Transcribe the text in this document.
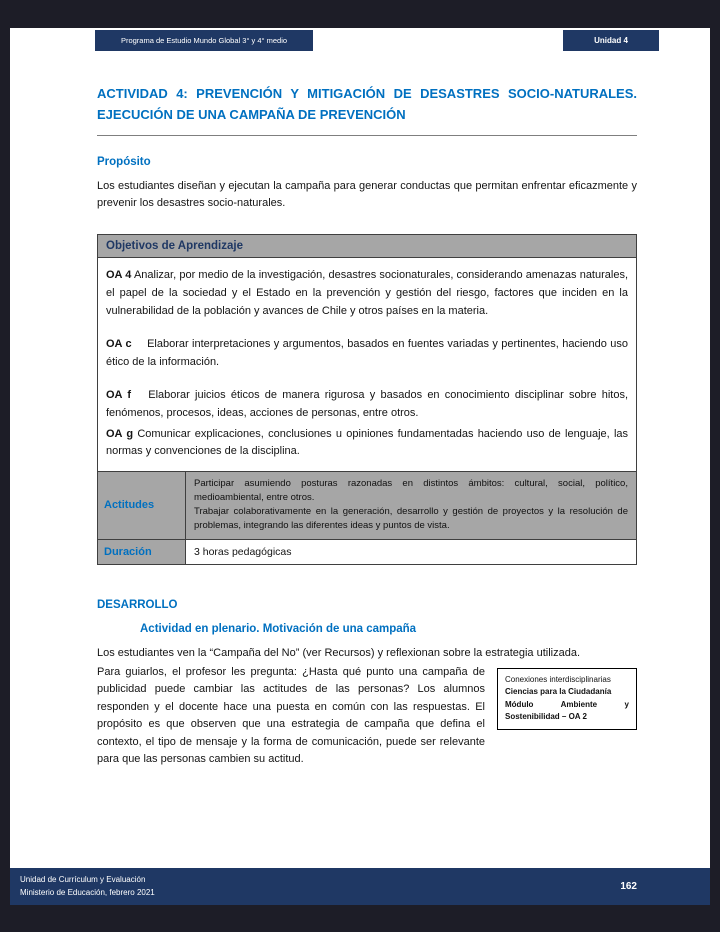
Programa de Estudio Mundo Global 3° y 4° medio	Unidad 4
ACTIVIDAD 4: PREVENCIÓN Y MITIGACIÓN DE DESASTRES SOCIO-NATURALES. EJECUCIÓN DE UNA CAMPAÑA DE PREVENCIÓN
Propósito

Los estudiantes diseñan y ejecutan la campaña para generar conductas que permitan enfrentar eficazmente y prevenir los desastres socio-naturales.

Objetivos de Aprendizaje	

OA 4 Analizar, por medio de la investigación, desastres socionaturales, considerando amenazas naturales, el papel de la sociedad y el Estado en la prevención y gestión del riesgo, factores que inciden en la vulnerabilidad de la población y avances de Chile y otros países en la materia.

OA c Elaborar interpretaciones y argumentos, basados en fuentes variadas y pertinentes, haciendo uso ético de la información.

OA f Elaborar juicios éticos de manera rigurosa y basados en conocimiento disciplinar sobre hitos, fenómenos, procesos, ideas, acciones de personas, entre otros.

OA g Comunicar explicaciones, conclusiones u opiniones fundamentadas haciendo uso de lenguaje, las normas y convenciones de la disciplina.	

Actitudes	Participar asumiendo posturas razonadas en distintos ámbitos: cultural, social, político, medioambiental, entre otros.

Trabajar colaborativamente en la generación, desarrollo y gestión de proyectos y la resolución de problemas, integrando las diferentes ideas y puntos de vista.

Duración	3 horas pedagógicas
DESARROLLO
Actividad en plenario. Motivación de una campaña

Los estudiantes ven la “Campaña del No” (ver Recursos) y reflexionan sobre la estrategia utilizada.

Conexiones interdisciplinarias
Ciencias para la Ciudadanía
Módulo Ambiente y Sostenibilidad – OA 2

Para guiarlos, el profesor les pregunta: ¿Hasta qué punto una campaña de publicidad puede cambiar las actitudes de las personas? Los alumnos responden y el docente hace una puesta en común con las respuestas. El propósito es que observen que una estrategia de campaña que defina el contexto, el tipo de mensaje y la forma de comunicación, puede ser relevante para que las personas cambien su actitud.

Unidad de Currículum y Evaluación
Ministerio de Educación, febrero 2021	162
